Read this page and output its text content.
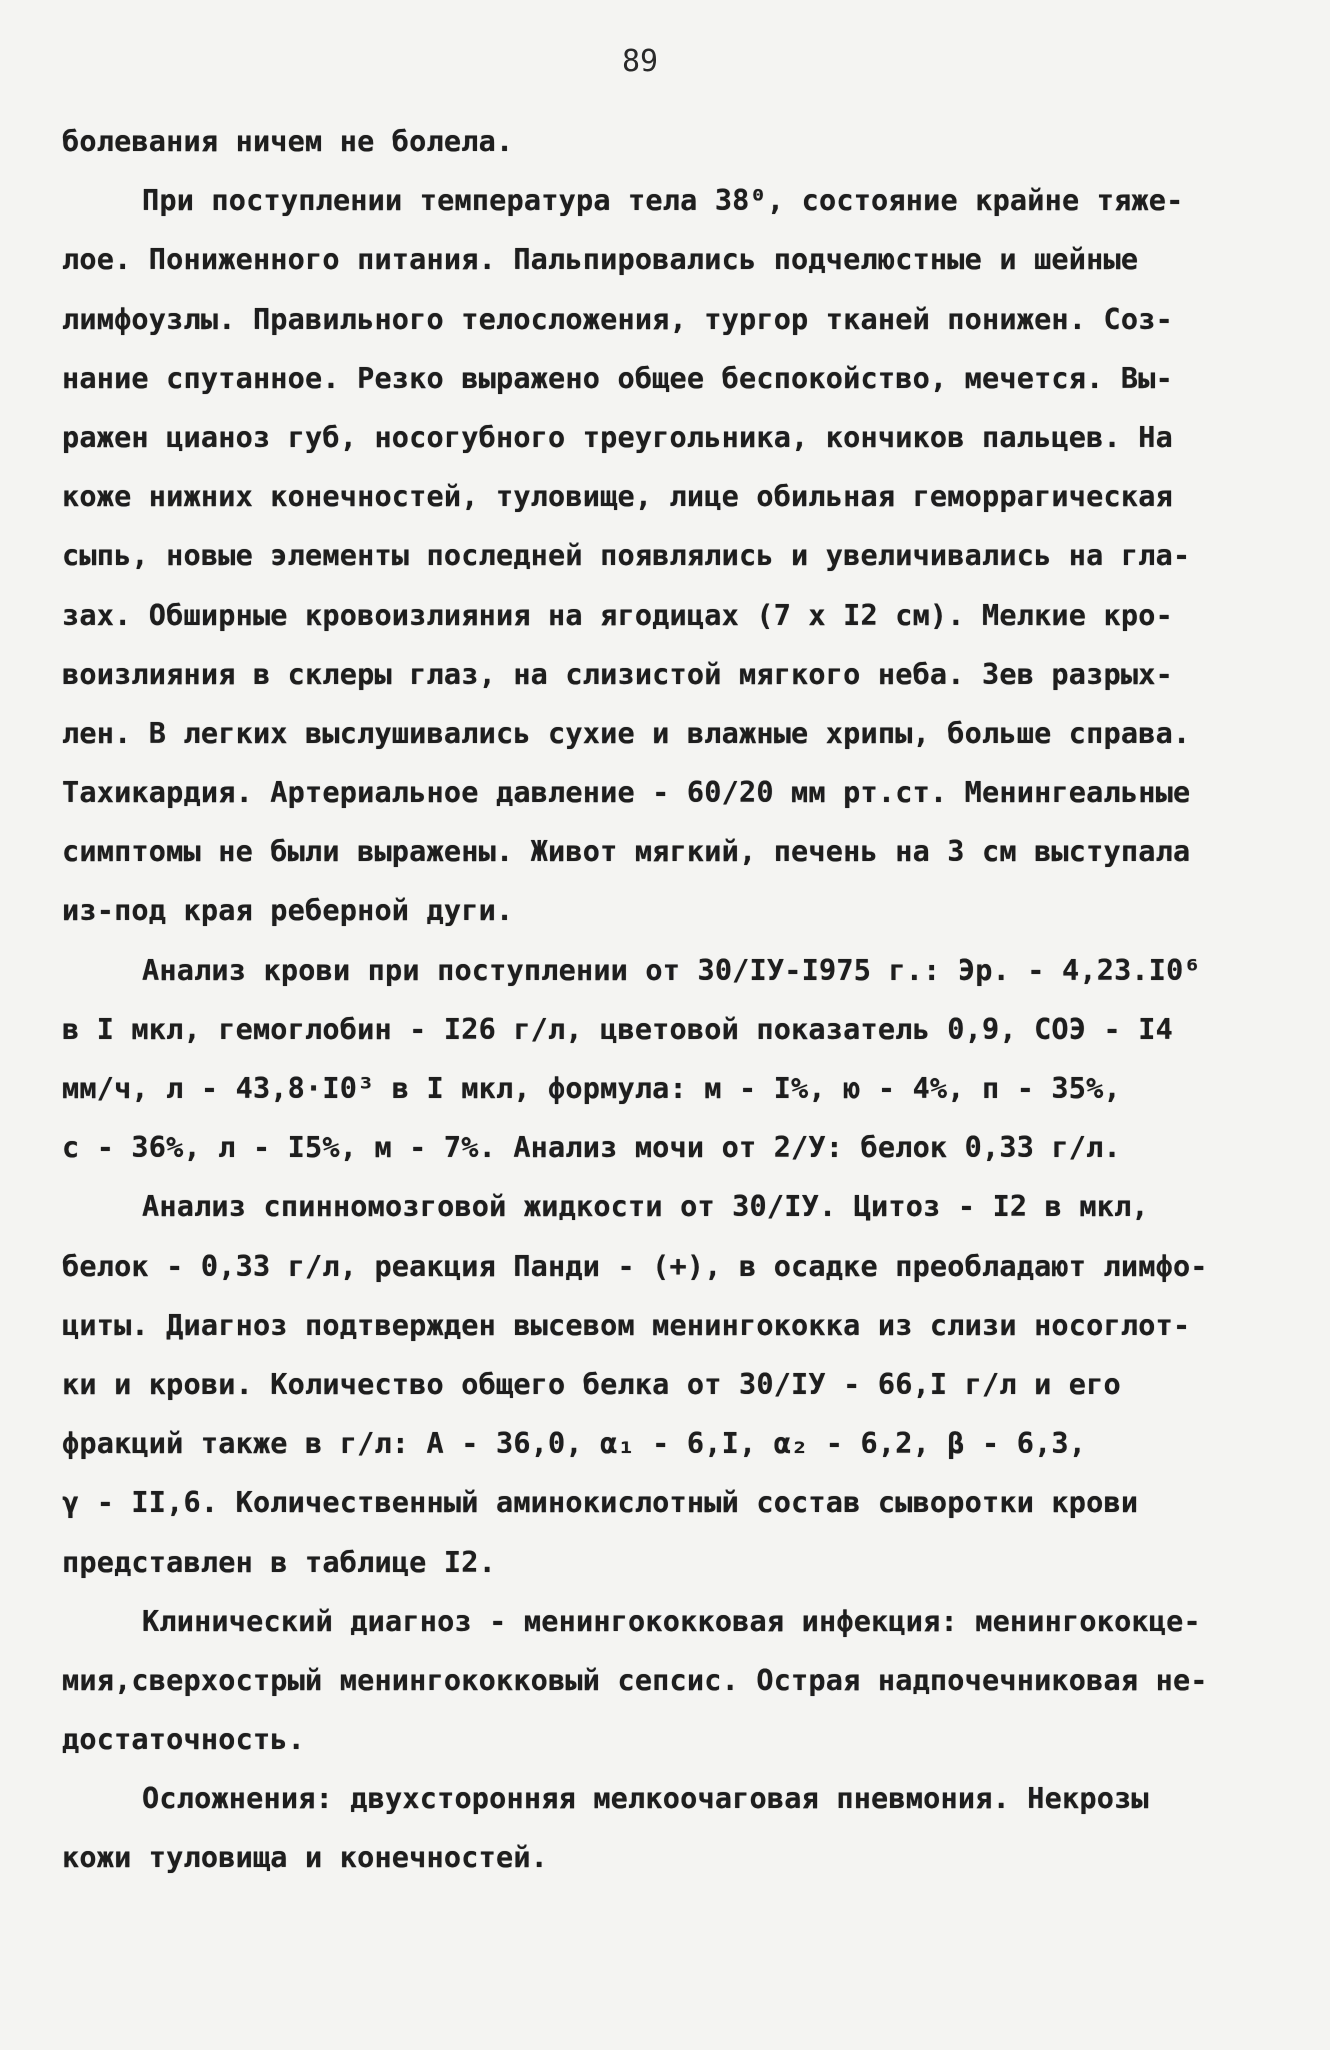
89
болевания ничем не болела.
При поступлении температура тела 38⁰, состояние крайне тяже-
лое. Пониженного питания. Пальпировались подчелюстные и шейные
лимфоузлы. Правильного телосложения, тургор тканей понижен. Соз-
нание спутанное. Резко выражено общее беспокойство, мечется. Вы-
ражен цианоз губ, носогубного треугольника, кончиков пальцев. На
коже нижних конечностей, туловище, лице обильная геморрагическая
сыпь, новые элементы последней появлялись и увеличивались на гла-
зах. Обширные кровоизлияния на ягодицах (7 х I2 см). Мелкие кро-
воизлияния в склеры глаз, на слизистой мягкого неба. Зев разрых-
лен. В легких выслушивались сухие и влажные хрипы, больше справа.
Тахикардия. Артериальное давление - 60/20 мм рт.ст. Менингеальные
симптомы не были выражены. Живот мягкий, печень на 3 см выступала
из-под края реберной дуги.
Анализ крови при поступлении от 30/IУ-I975 г.: Эр. - 4,23.I0⁶
в I мкл, гемоглобин - I26 г/л, цветовой показатель 0,9, СОЭ - I4
мм/ч, л - 43,8·I0³ в I мкл, формула: м - I%, ю - 4%, п - 35%,
с - 36%, л - I5%, м - 7%. Анализ мочи от 2/У: белок 0,33 г/л.
Анализ спинномозговой жидкости от 30/IУ. Цитоз - I2 в мкл,
белок - 0,33 г/л, реакция Панди - (+), в осадке преобладают лимфо-
циты. Диагноз подтвержден высевом менингококка из слизи носоглот-
ки и крови. Количество общего белка от 30/IУ - 66,I г/л и его
фракций также в г/л: А - 36,0, α₁ - 6,I, α₂ - 6,2, β - 6,3,
γ - II,6. Количественный аминокислотный состав сыворотки крови
представлен в таблице I2.
Клинический диагноз - менингококковая инфекция: менингококце-
мия,сверхострый менингококковый сепсис. Острая надпочечниковая не-
достаточность.
Осложнения: двухсторонняя мелкоочаговая пневмония. Некрозы
кожи туловища и конечностей.
